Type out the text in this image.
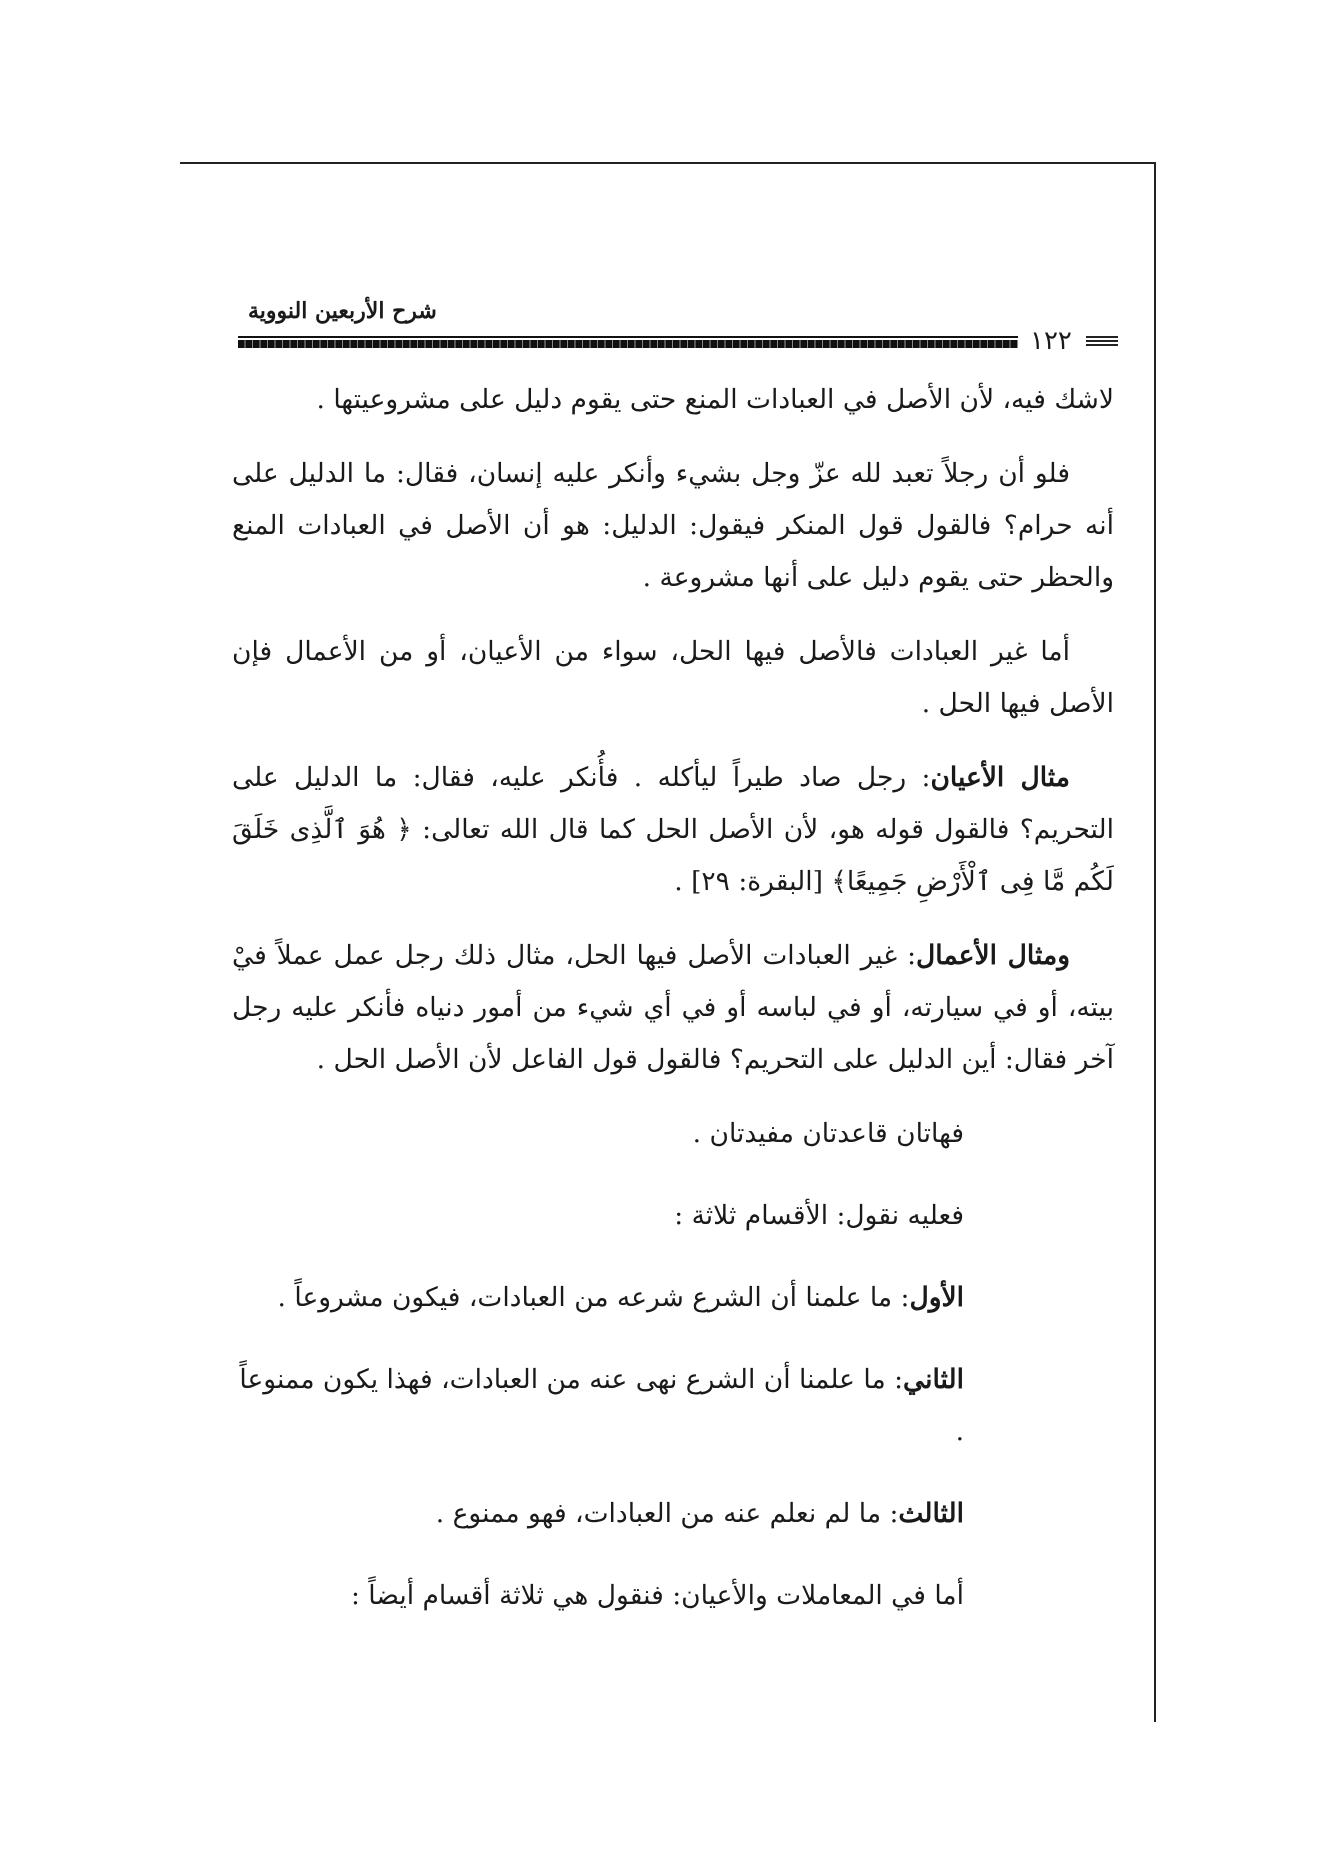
شرح الأربعين النووية
١٢٢

لاشك فيه، لأن الأصل في العبادات المنع حتى يقوم دليل على مشروعيتها .

فلو أن رجلاً تعبد لله عزّ وجل بشيء وأنكر عليه إنسان، فقال: ما الدليل على أنه حرام؟ فالقول قول المنكر فيقول: الدليل: هو أن الأصل في العبادات المنع والحظر حتى يقوم دليل على أنها مشروعة .

أما غير العبادات فالأصل فيها الحل، سواء من الأعيان، أو من الأعمال فإن الأصل فيها الحل .

مثال الأعيان: رجل صاد طيراً ليأكله . فأُنكر عليه، فقال: ما الدليل على التحريم؟ فالقول قوله هو، لأن الأصل الحل كما قال الله تعالى: ﴿ هُوَ ٱلَّذِى خَلَقَ لَكُم مَّا فِى ٱلْأَرْضِ جَمِيعًا﴾ [البقرة: ٢٩] .

ومثال الأعمال: غير العبادات الأصل فيها الحل، مثال ذلك رجل عمل عملاً فيْ بيته، أو في سيارته، أو في لباسه أو في أي شيء من أمور دنياه فأنكر عليه رجل آخر فقال: أين الدليل على التحريم؟ فالقول قول الفاعل لأن الأصل الحل .

فهاتان قاعدتان مفيدتان .

فعليه نقول: الأقسام ثلاثة :

الأول: ما علمنا أن الشرع شرعه من العبادات، فيكون مشروعاً .

الثاني: ما علمنا أن الشرع نهى عنه من العبادات، فهذا يكون ممنوعاً .

الثالث: ما لم نعلم عنه من العبادات، فهو ممنوع .

أما في المعاملات والأعيان: فنقول هي ثلاثة أقسام أيضاً :
